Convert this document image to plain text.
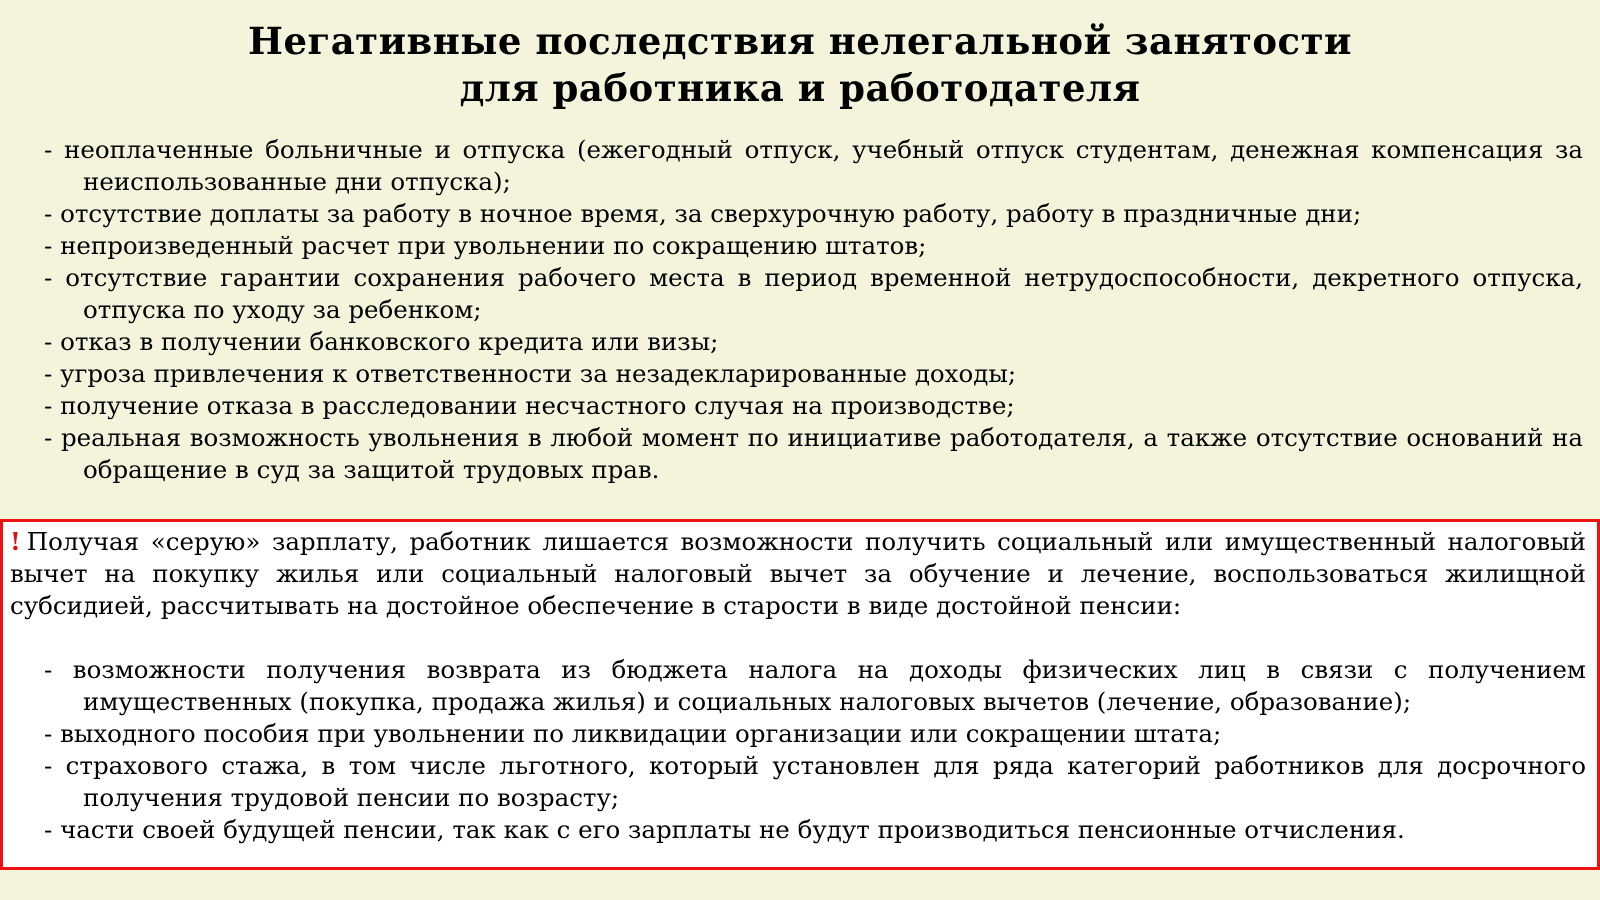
Негативные последствия нелегальной занятости
для работника и работодателя
- неоплаченные больничные и отпуска (ежегодный отпуск, учебный отпуск студентам, денежная компенсация за неиспользованные дни отпуска);
- отсутствие доплаты за работу в ночное время, за сверхурочную работу, работу в праздничные дни;
- непроизведенный расчет при увольнении по сокращению штатов;
- отсутствие гарантии сохранения рабочего места в период временной нетрудоспособности, декретного отпуска, отпуска по уходу за ребенком;
- отказ в получении банковского кредита или визы;
- угроза привлечения к ответственности за незадекларированные доходы;
- получение отказа в расследовании несчастного случая на производстве;
- реальная возможность увольнения в любой момент по инициативе работодателя, а также отсутствие оснований на обращение в суд за защитой трудовых прав.

! Получая «серую» зарплату, работник лишается возможности получить социальный или имущественный налоговый вычет на покупку жилья или социальный налоговый вычет за обучение и лечение, воспользоваться жилищной субсидией, рассчитывать на достойное обеспечение в старости в виде достойной пенсии:

- возможности получения возврата из бюджета налога на доходы физических лиц в связи с получением имущественных (покупка, продажа жилья) и социальных налоговых вычетов (лечение, образование);
- выходного пособия при увольнении по ликвидации организации или сокращении штата;
- страхового стажа, в том числе льготного, который установлен для ряда категорий работников для досрочного получения трудовой пенсии по возрасту;
- части своей будущей пенсии, так как с его зарплаты не будут производиться пенсионные отчисления.
